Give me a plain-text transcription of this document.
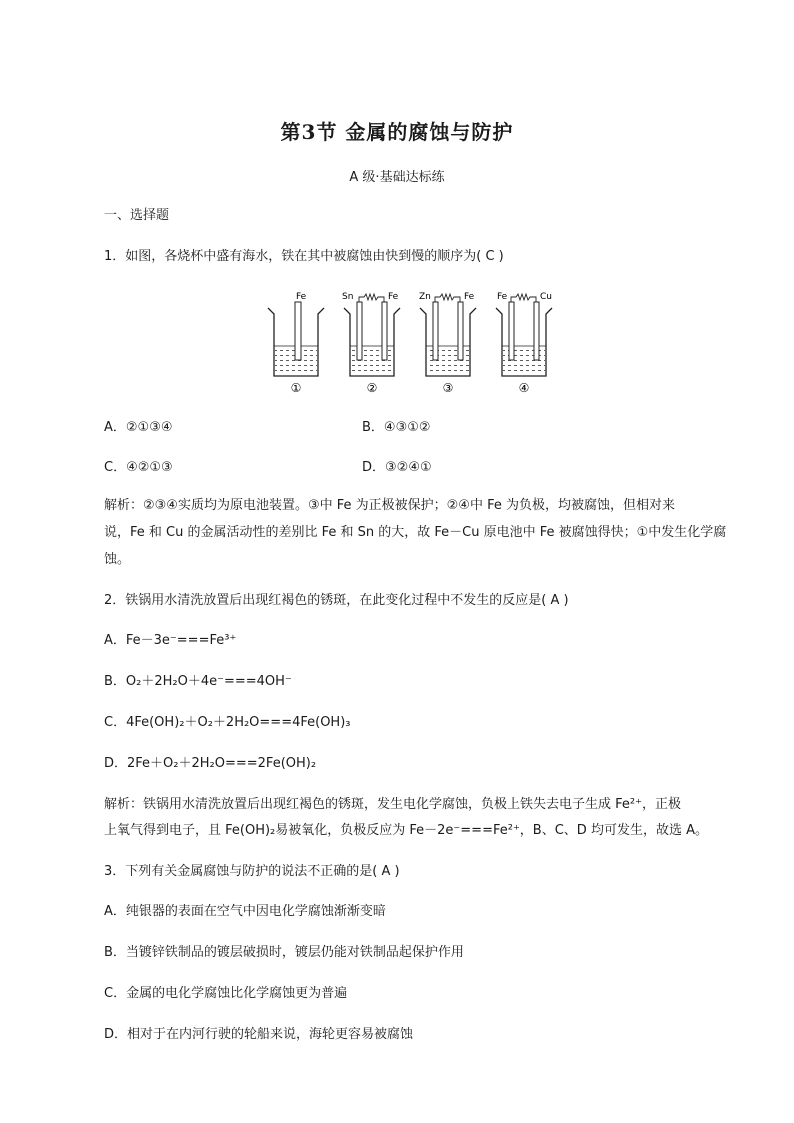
第3节 金属的腐蚀与防护
A 级·基础达标练
一、选择题
1．如图，各烧杯中盛有海水，铁在其中被腐蚀由快到慢的顺序为( C )
Fe
①
Sn	Fe
②
Zn	Fe
③
Fe	Cu
④
A．②①③④	B．④③①②
C．④②①③	D．③②④①
解析：②③④实质均为原电池装置。③中 Fe 为正极被保护；②④中 Fe 为负极，均被腐蚀，但相对来
说，Fe 和 Cu 的金属活动性的差别比 Fe 和 Sn 的大，故 Fe－Cu 原电池中 Fe 被腐蚀得快；①中发生化学腐
蚀。
2．铁锅用水清洗放置后出现红褐色的锈斑，在此变化过程中不发生的反应是( A )
A．Fe－3e⁻===Fe³⁺
B．O₂＋2H₂O＋4e⁻===4OH⁻
C．4Fe(OH)₂＋O₂＋2H₂O===4Fe(OH)₃
D．2Fe＋O₂＋2H₂O===2Fe(OH)₂
解析：铁锅用水清洗放置后出现红褐色的锈斑，发生电化学腐蚀，负极上铁失去电子生成 Fe²⁺，正极
上氧气得到电子，且 Fe(OH)₂易被氧化，负极反应为 Fe－2e⁻===Fe²⁺，B、C、D 均可发生，故选 A。
3．下列有关金属腐蚀与防护的说法不正确的是( A )
A．纯银器的表面在空气中因电化学腐蚀渐渐变暗
B．当镀锌铁制品的镀层破损时，镀层仍能对铁制品起保护作用
C．金属的电化学腐蚀比化学腐蚀更为普遍
D．相对于在内河行驶的轮船来说，海轮更容易被腐蚀
